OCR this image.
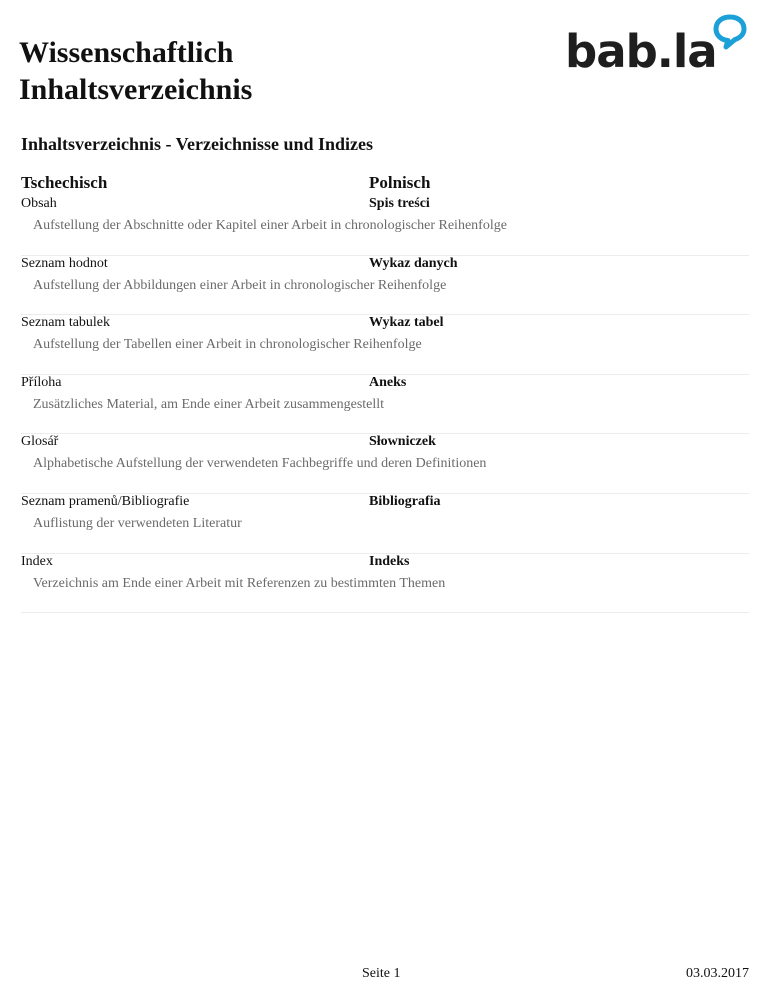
Wissenschaftlich
Inhaltsverzeichnis
bab.la
Inhaltsverzeichnis - Verzeichnisse und Indizes
Tschechisch	Polnisch
Obsah	Spis treści
Aufstellung der Abschnitte oder Kapitel einer Arbeit in chronologischer Reihenfolge
Seznam hodnot	Wykaz danych
Aufstellung der Abbildungen einer Arbeit in chronologischer Reihenfolge
Seznam tabulek	Wykaz tabel
Aufstellung der Tabellen einer Arbeit in chronologischer Reihenfolge
Příloha	Aneks
Zusätzliches Material, am Ende einer Arbeit zusammengestellt
Glosář	Słowniczek
Alphabetische Aufstellung der verwendeten Fachbegriffe und deren Definitionen
Seznam pramenů/Bibliografie	Bibliografia
Auflistung der verwendeten Literatur
Index	Indeks
Verzeichnis am Ende einer Arbeit mit Referenzen zu bestimmten Themen
Seite 1	03.03.2017
